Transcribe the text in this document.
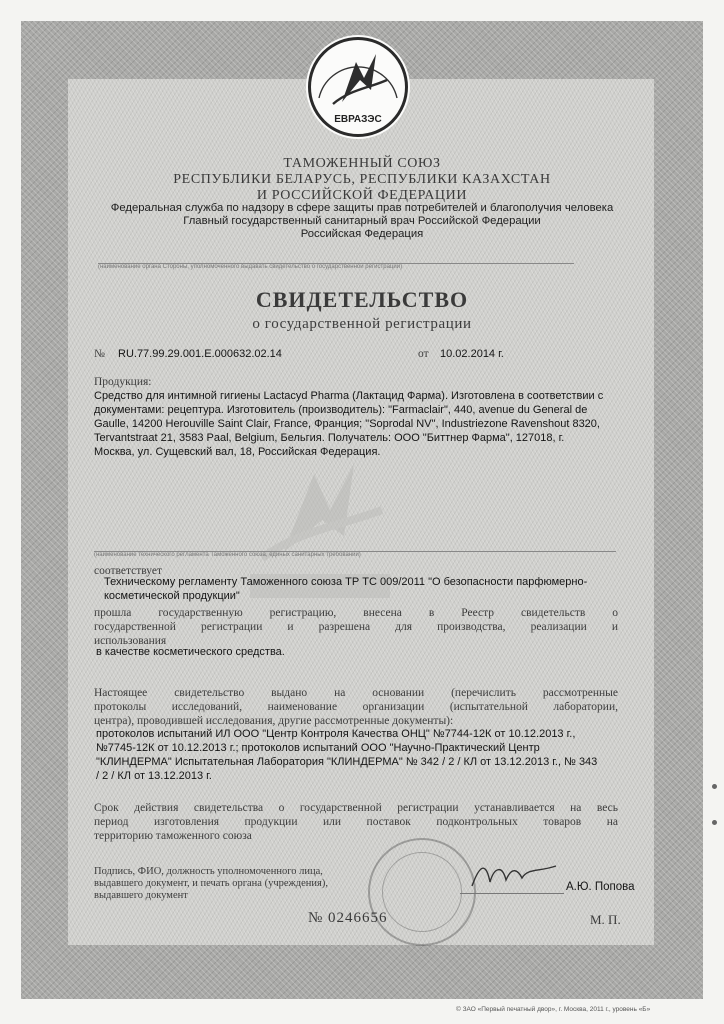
ЕВРАЗЭС
ТАМОЖЕННЫЙ СОЮЗ
РЕСПУБЛИКИ БЕЛАРУСЬ, РЕСПУБЛИКИ КАЗАХСТАН
И РОССИЙСКОЙ ФЕДЕРАЦИИ
Федеральная служба по надзору в сфере защиты прав потребителей и благополучия человека
Главный государственный санитарный врач Российской Федерации
Российская Федерация
(наименование органа Стороны, уполномоченного выдавать свидетельство о государственной регистрации)
СВИДЕТЕЛЬСТВО
о государственной регистрации
№ RU.77.99.29.001.E.000632.02.14	от 10.02.2014 г.
Продукция:
Средство для интимной гигиены Lactacyd Pharma (Лактацид Фарма). Изготовлена в соответствии с
документами: рецептура. Изготовитель (производитель): "Farmaclair", 440, avenue du General de
Gaulle, 14200 Herouville Saint Clair, France, Франция; "Soprodal NV", Industriezone Ravenshout 8320,
Tervantstraat 21, 3583 Paal, Belgium, Бельгия. Получатель: ООО "Биттнер Фарма", 127018, г.
Москва, ул. Сущевский вал, 18, Российская Федерация.
(наименование технического регламента Таможенного союза, единых санитарных требований)
соответствует
Техническому регламенту Таможенного союза ТР ТС 009/2011 "О безопасности парфюмерно-
косметической продукции"
прошла государственную регистрацию, внесена в Реестр свидетельств о
государственной регистрации и разрешена для производства, реализации и
использования
в качестве косметического средства.
Настоящее свидетельство выдано на основании (перечислить рассмотренные
протоколы исследований, наименование организации (испытательной лаборатории,
центра), проводившей исследования, другие рассмотренные документы):
протоколов испытаний ИЛ ООО "Центр Контроля Качества ОНЦ" №7744-12К от 10.12.2013 г.,
№7745-12К от 10.12.2013 г.; протоколов испытаний ООО "Научно-Практический Центр
"КЛИНДЕРМА" Испытательная Лаборатория "КЛИНДЕРМА" № 342 / 2 / КЛ от 13.12.2013 г., № 343
/ 2 / КЛ от 13.12.2013 г.
Срок действия свидетельства о государственной регистрации устанавливается на весь
период изготовления продукции или поставок подконтрольных товаров на
территорию таможенного союза
Подпись, ФИО, должность уполномоченного лица,
выдавшего документ, и печать органа (учреждения),
выдавшего документ
А.Ю. Попова
№ 0246656	М. П.
© ЗАО «Первый печатный двор», г. Москва, 2011 г., уровень «Б»
